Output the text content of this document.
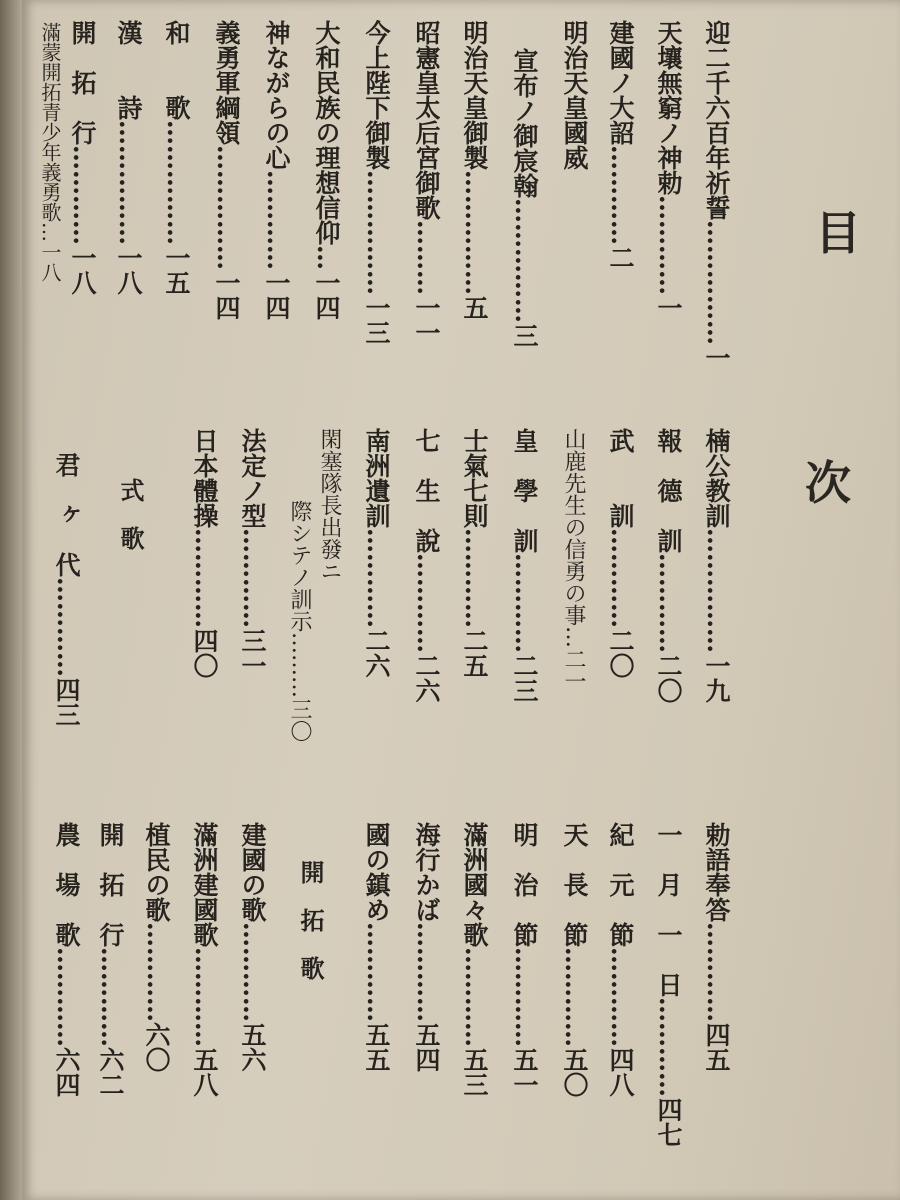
目
次
迎二千六百年祈誓……………一
天壤無窮ノ神勅…………一
建國ノ大詔…………二
明治天皇國威
宣布ノ御宸翰……………三
明治天皇御製……………五
昭憲皇太后宮御歌………一一
今上陛下御製……………一三
大和民族の理想信仰…一四
神ながらの心…………一四
義勇軍綱領……………一四
和　　歌……………一五
漢　　詩……………一八
開　拓　行…………一八
滿蒙開拓青少年義勇歌…一八
楠公教訓……………一九
報　德　訓…………二〇
武　　訓…………二〇
山鹿先生の信勇の事…二一
皇　學　訓…………二三
士氣七則…………二五
七　生　說…………二六
南洲遺訓…………二六
閑塞隊長出發ニ
際シテノ訓示………三〇
法定ノ型…………三一
日本體操…………四〇
式　歌
君　ヶ　代…………四三
勅語奉答…………四五
一　月　一　日…………四七
紀　元　節…………四八
天　長　節…………五〇
明　治　節…………五一
滿洲國々歌…………五三
海行かば…………五四
國の鎮め…………五五
開　拓　歌
建國の歌…………五六
滿洲建國歌…………五八
植民の歌…………六〇
開　拓　行…………六二
農　場　歌…………六四
